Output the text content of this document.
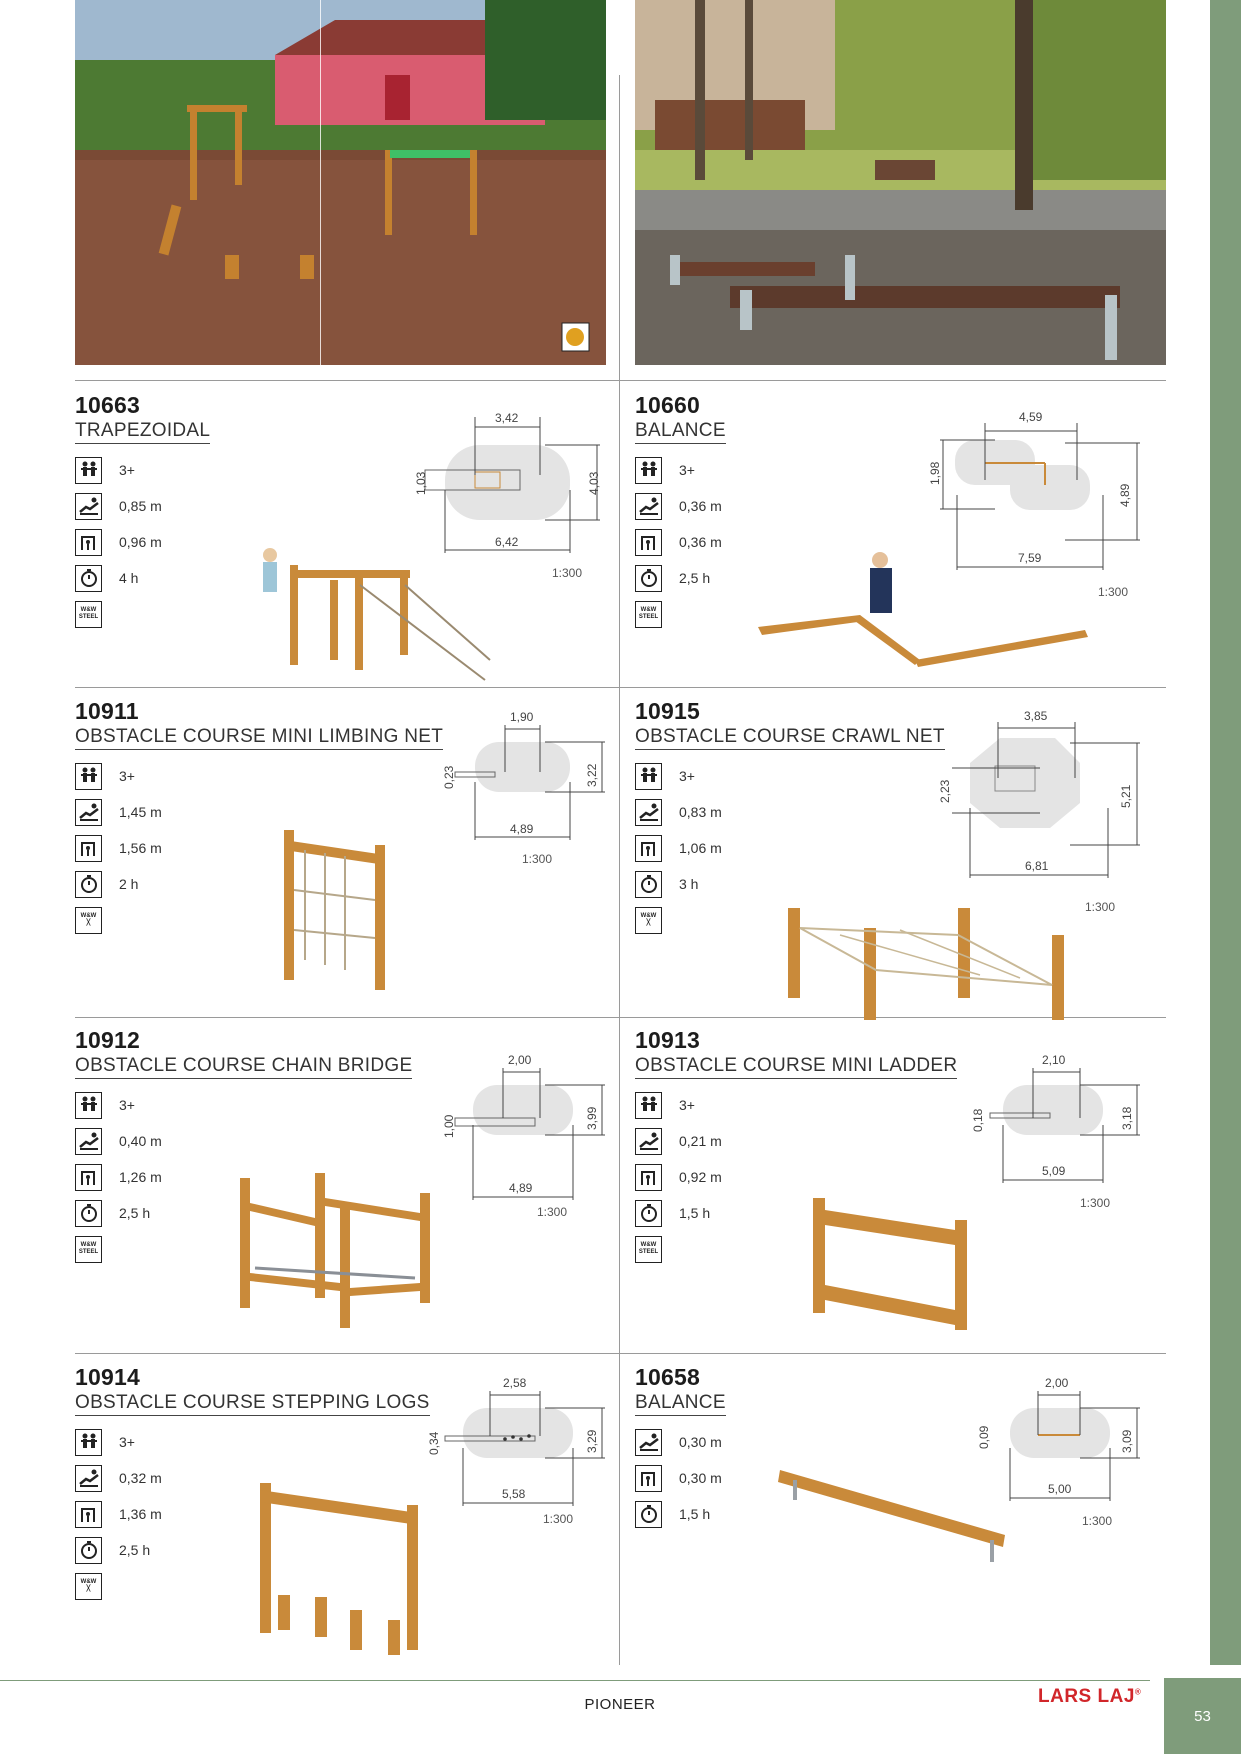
53
10663
TRAPEZOIDAL
3+
0,85 m
0,96 m
4 h
W&W
STEEL
3,42
1,03	4,03
6,42
1:300
10660
BALANCE
3+
0,36 m
0,36 m
2,5 h
W&W
STEEL
4,59
1,98
4,89
7,59
1:300
10911
OBSTACLE COURSE MINI LIMBING NET
3+
1,45 m
1,56 m
2 h
W&W
╳
1,90
0,23	3,22
4,89
1:300
10915
OBSTACLE COURSE CRAWL NET
3+
0,83 m
1,06 m
3 h
W&W
╳
3,85
2,23	5,21
6,81
1:300
10912
OBSTACLE COURSE CHAIN BRIDGE
3+
0,40 m
1,26 m
2,5 h
W&W
STEEL
2,00
1,00	3,99
4,89
1:300
10913
OBSTACLE COURSE MINI LADDER
3+
0,21 m
0,92 m
1,5 h
W&W
STEEL
2,10
0,18	3,18
5,09
1:300
10914
OBSTACLE COURSE STEPPING LOGS
3+
0,32 m
1,36 m
2,5 h
W&W
╳
2,58
0,34	3,29
5,58
1:300
10658
BALANCE
0,30 m
0,30 m
1,5 h
2,00
0,09	3,09
5,00
1:300
PIONEER	LARS LAJ®
